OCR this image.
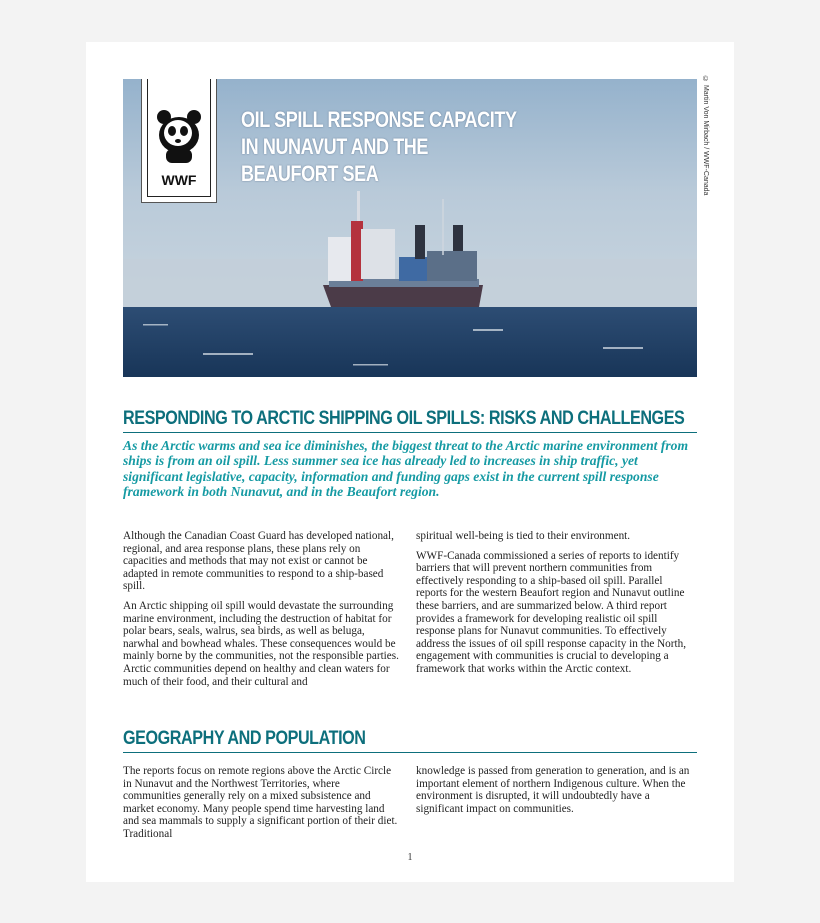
WWF
OIL SPILL RESPONSE CAPACITY
IN NUNAVUT AND THE BEAUFORT SEA	© Martin Von Mirbach / WWF-Canada
RESPONDING TO ARCTIC SHIPPING OIL SPILLS: RISKS AND CHALLENGES
As the Arctic warms and sea ice diminishes, the biggest threat to the Arctic marine environment from ships is from an oil spill. Less summer sea ice has already led to increases in ship traffic, yet significant legislative, capacity, information and funding gaps exist in the current spill response framework in both Nunavut, and in the Beaufort region.

Although the Canadian Coast Guard has developed national, regional, and area response plans, these plans rely on capacities and methods that may not exist or cannot be adapted in remote communities to respond to a ship-based spill.

An Arctic shipping oil spill would devastate the surrounding marine environment, including the destruction of habitat for polar bears, seals, walrus, sea birds, as well as beluga, narwhal and bowhead whales. These consequences would be mainly borne by the communities, not the responsible parties. Arctic communities depend on healthy and clean waters for much of their food, and their cultural and

spiritual well-being is tied to their environment.

WWF-Canada commissioned a series of reports to identify barriers that will prevent northern communities from effectively responding to a ship-based oil spill. Parallel reports for the western Beaufort region and Nunavut outline these barriers, and are summarized below. A third report provides a framework for developing realistic oil spill response plans for Nunavut communities. To effectively address the issues of oil spill response capacity in the North, engagement with communities is crucial to developing a framework that works within the Arctic context.

GEOGRAPHY AND POPULATION

The reports focus on remote regions above the Arctic Circle in Nunavut and the Northwest Territories, where communities generally rely on a mixed subsistence and market economy. Many people spend time harvesting land and sea mammals to supply a significant portion of their diet. Traditional

knowledge is passed from generation to generation, and is an important element of northern Indigenous culture. When the environment is disrupted, it will undoubtedly have a significant impact on communities.

1
